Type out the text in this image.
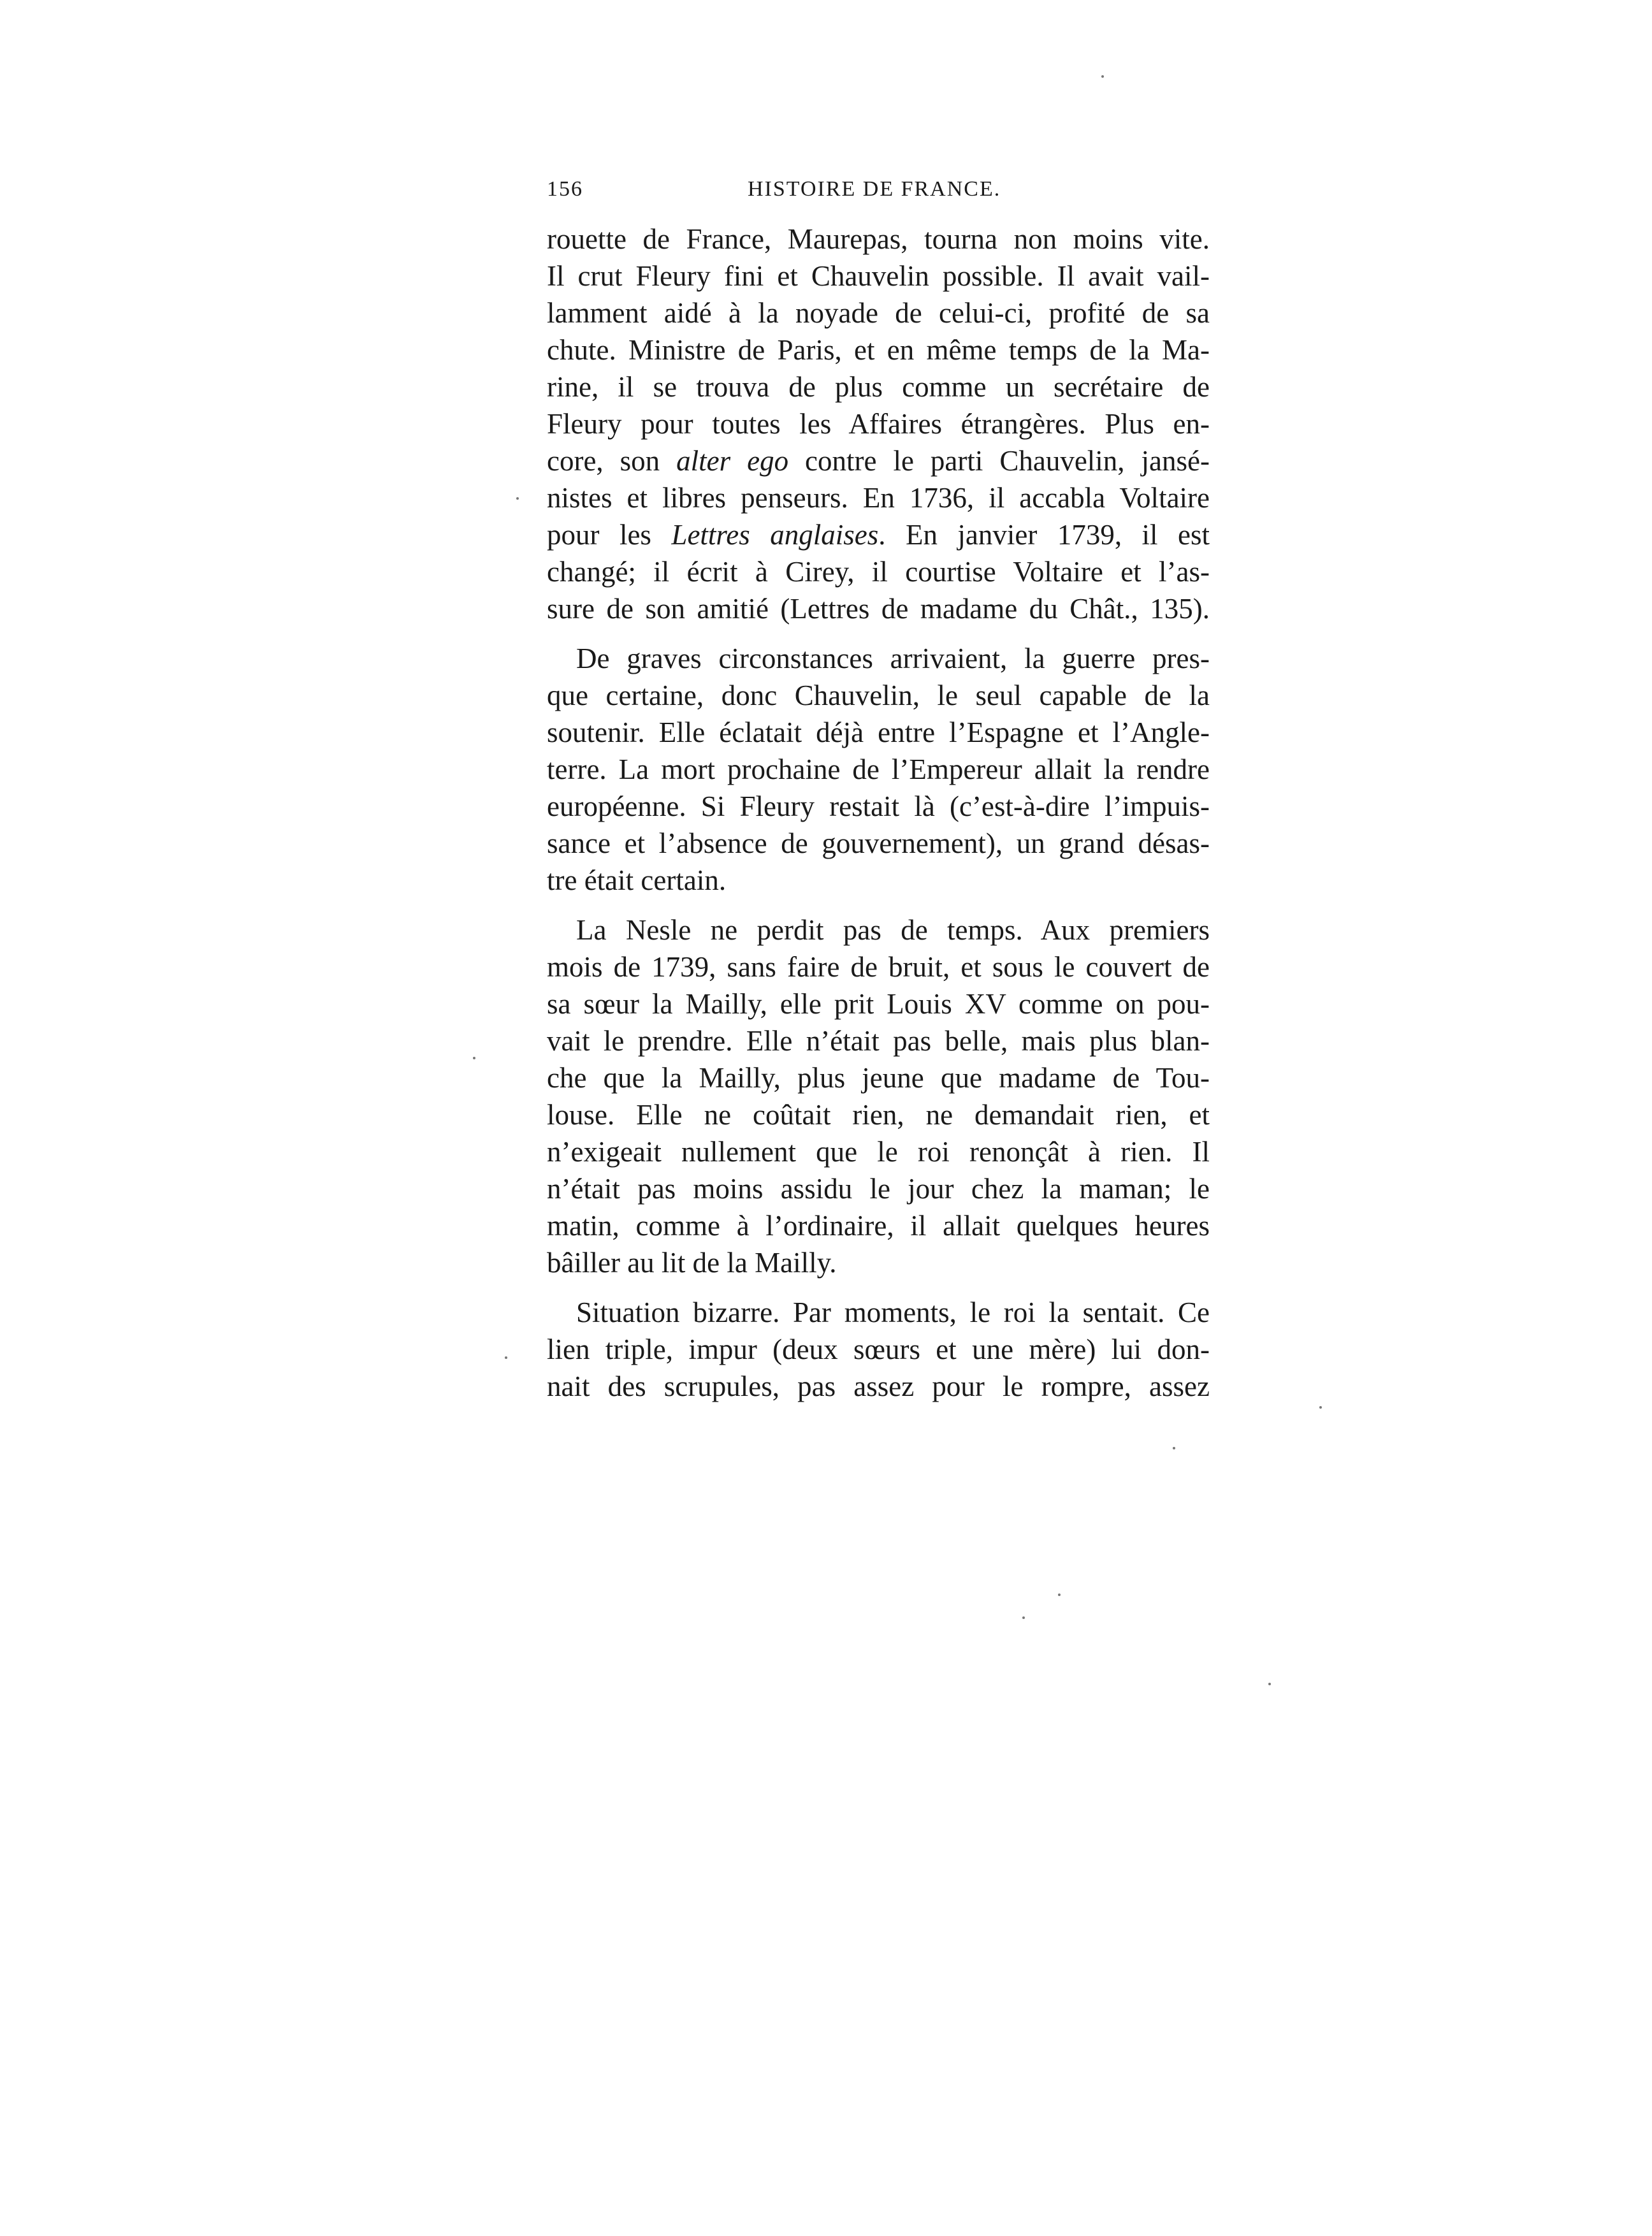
156	HISTOIRE DE FRANCE.
rouette de France, Maurepas, tourna non moins vite.
Il crut Fleury fini et Chauvelin possible. Il avait vail-
lamment aidé à la noyade de celui-ci, profité de sa
chute. Ministre de Paris, et en même temps de la Ma-
rine, il se trouva de plus comme un secrétaire de
Fleury pour toutes les Affaires étrangères. Plus en-
core, son alter ego contre le parti Chauvelin, jansé-
nistes et libres penseurs. En 1736, il accabla Voltaire
pour les Lettres anglaises. En janvier 1739, il est
changé; il écrit à Cirey, il courtise Voltaire et l’as-
sure de son amitié (Lettres de madame du Chât., 135).
De graves circonstances arrivaient, la guerre pres-
que certaine, donc Chauvelin, le seul capable de la
soutenir. Elle éclatait déjà entre l’Espagne et l’Angle-
terre. La mort prochaine de l’Empereur allait la rendre
européenne. Si Fleury restait là (c’est-à-dire l’impuis-
sance et l’absence de gouvernement), un grand désas-
tre était certain.
La Nesle ne perdit pas de temps. Aux premiers
mois de 1739, sans faire de bruit, et sous le couvert de
sa sœur la Mailly, elle prit Louis XV comme on pou-
vait le prendre. Elle n’était pas belle, mais plus blan-
che que la Mailly, plus jeune que madame de Tou-
louse. Elle ne coûtait rien, ne demandait rien, et
n’exigeait nullement que le roi renonçât à rien. Il
n’était pas moins assidu le jour chez la maman; le
matin, comme à l’ordinaire, il allait quelques heures
bâiller au lit de la Mailly.
Situation bizarre. Par moments, le roi la sentait. Ce
lien triple, impur (deux sœurs et une mère) lui don-
nait des scrupules, pas assez pour le rompre, assez
